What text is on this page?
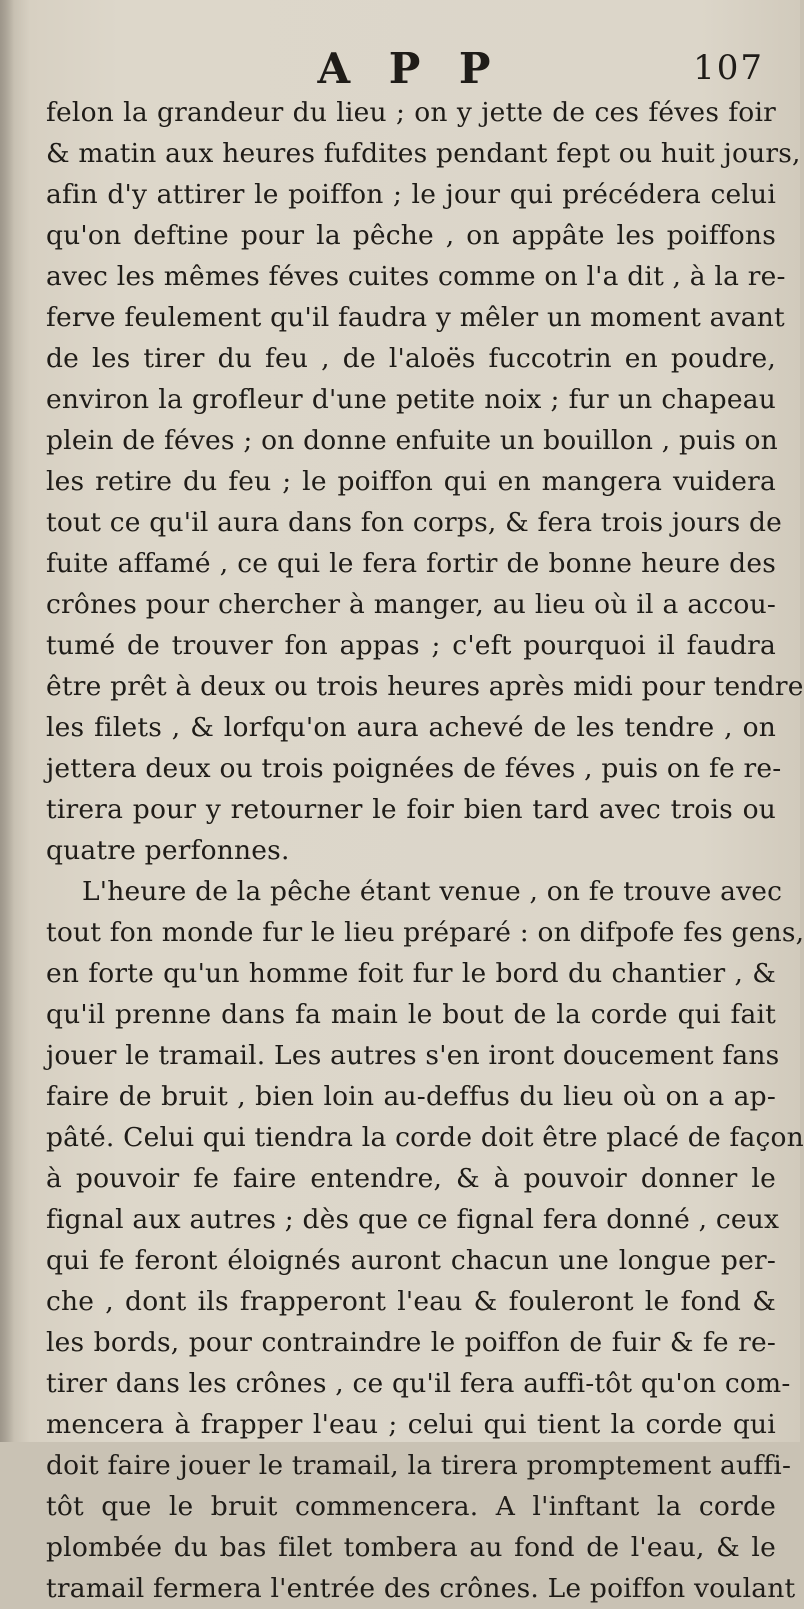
A P P	107
felon la grandeur du lieu ; on y jette de ces féves foir
& matin aux heures fufdites pendant fept ou huit jours,
afin d'y attirer le poiffon ; le jour qui précédera celui
qu'on deftine pour la pêche , on appâte les poiffons
avec les mêmes féves cuites comme on l'a dit , à la re-
ferve feulement qu'il faudra y mêler un moment avant
de les tirer du feu , de l'aloës fuccotrin en poudre,
environ la grofleur d'une petite noix ; fur un chapeau
plein de féves ; on donne enfuite un bouillon , puis on
les retire du feu ; le poiffon qui en mangera vuidera
tout ce qu'il aura dans fon corps, & fera trois jours de
fuite affamé , ce qui le fera fortir de bonne heure des
crônes pour chercher à manger, au lieu où il a accou-
tumé de trouver fon appas ; c'eft pourquoi il faudra
être prêt à deux ou trois heures après midi pour tendre
les filets , & lorfqu'on aura achevé de les tendre , on
jettera deux ou trois poignées de féves , puis on fe re-
tirera pour y retourner le foir bien tard avec trois ou
quatre perfonnes.
L'heure de la pêche étant venue , on fe trouve avec
tout fon monde fur le lieu préparé : on difpofe fes gens,
en forte qu'un homme foit fur le bord du chantier , &
qu'il prenne dans fa main le bout de la corde qui fait
jouer le tramail. Les autres s'en iront doucement fans
faire de bruit , bien loin au-deffus du lieu où on a ap-
pâté. Celui qui tiendra la corde doit être placé de façon
à pouvoir fe faire entendre, & à pouvoir donner le
fignal aux autres ; dès que ce fignal fera donné , ceux
qui fe feront éloignés auront chacun une longue per-
che , dont ils frapperont l'eau & fouleront le fond &
les bords, pour contraindre le poiffon de fuir & fe re-
tirer dans les crônes , ce qu'il fera auffi-tôt qu'on com-
mencera à frapper l'eau ; celui qui tient la corde qui
doit faire jouer le tramail, la tirera promptement auffi-
tôt que le bruit commencera. A l'inftant la corde
plombée du bas filet tombera au fond de l'eau, & le
tramail fermera l'entrée des crônes. Le poiffon voulant
